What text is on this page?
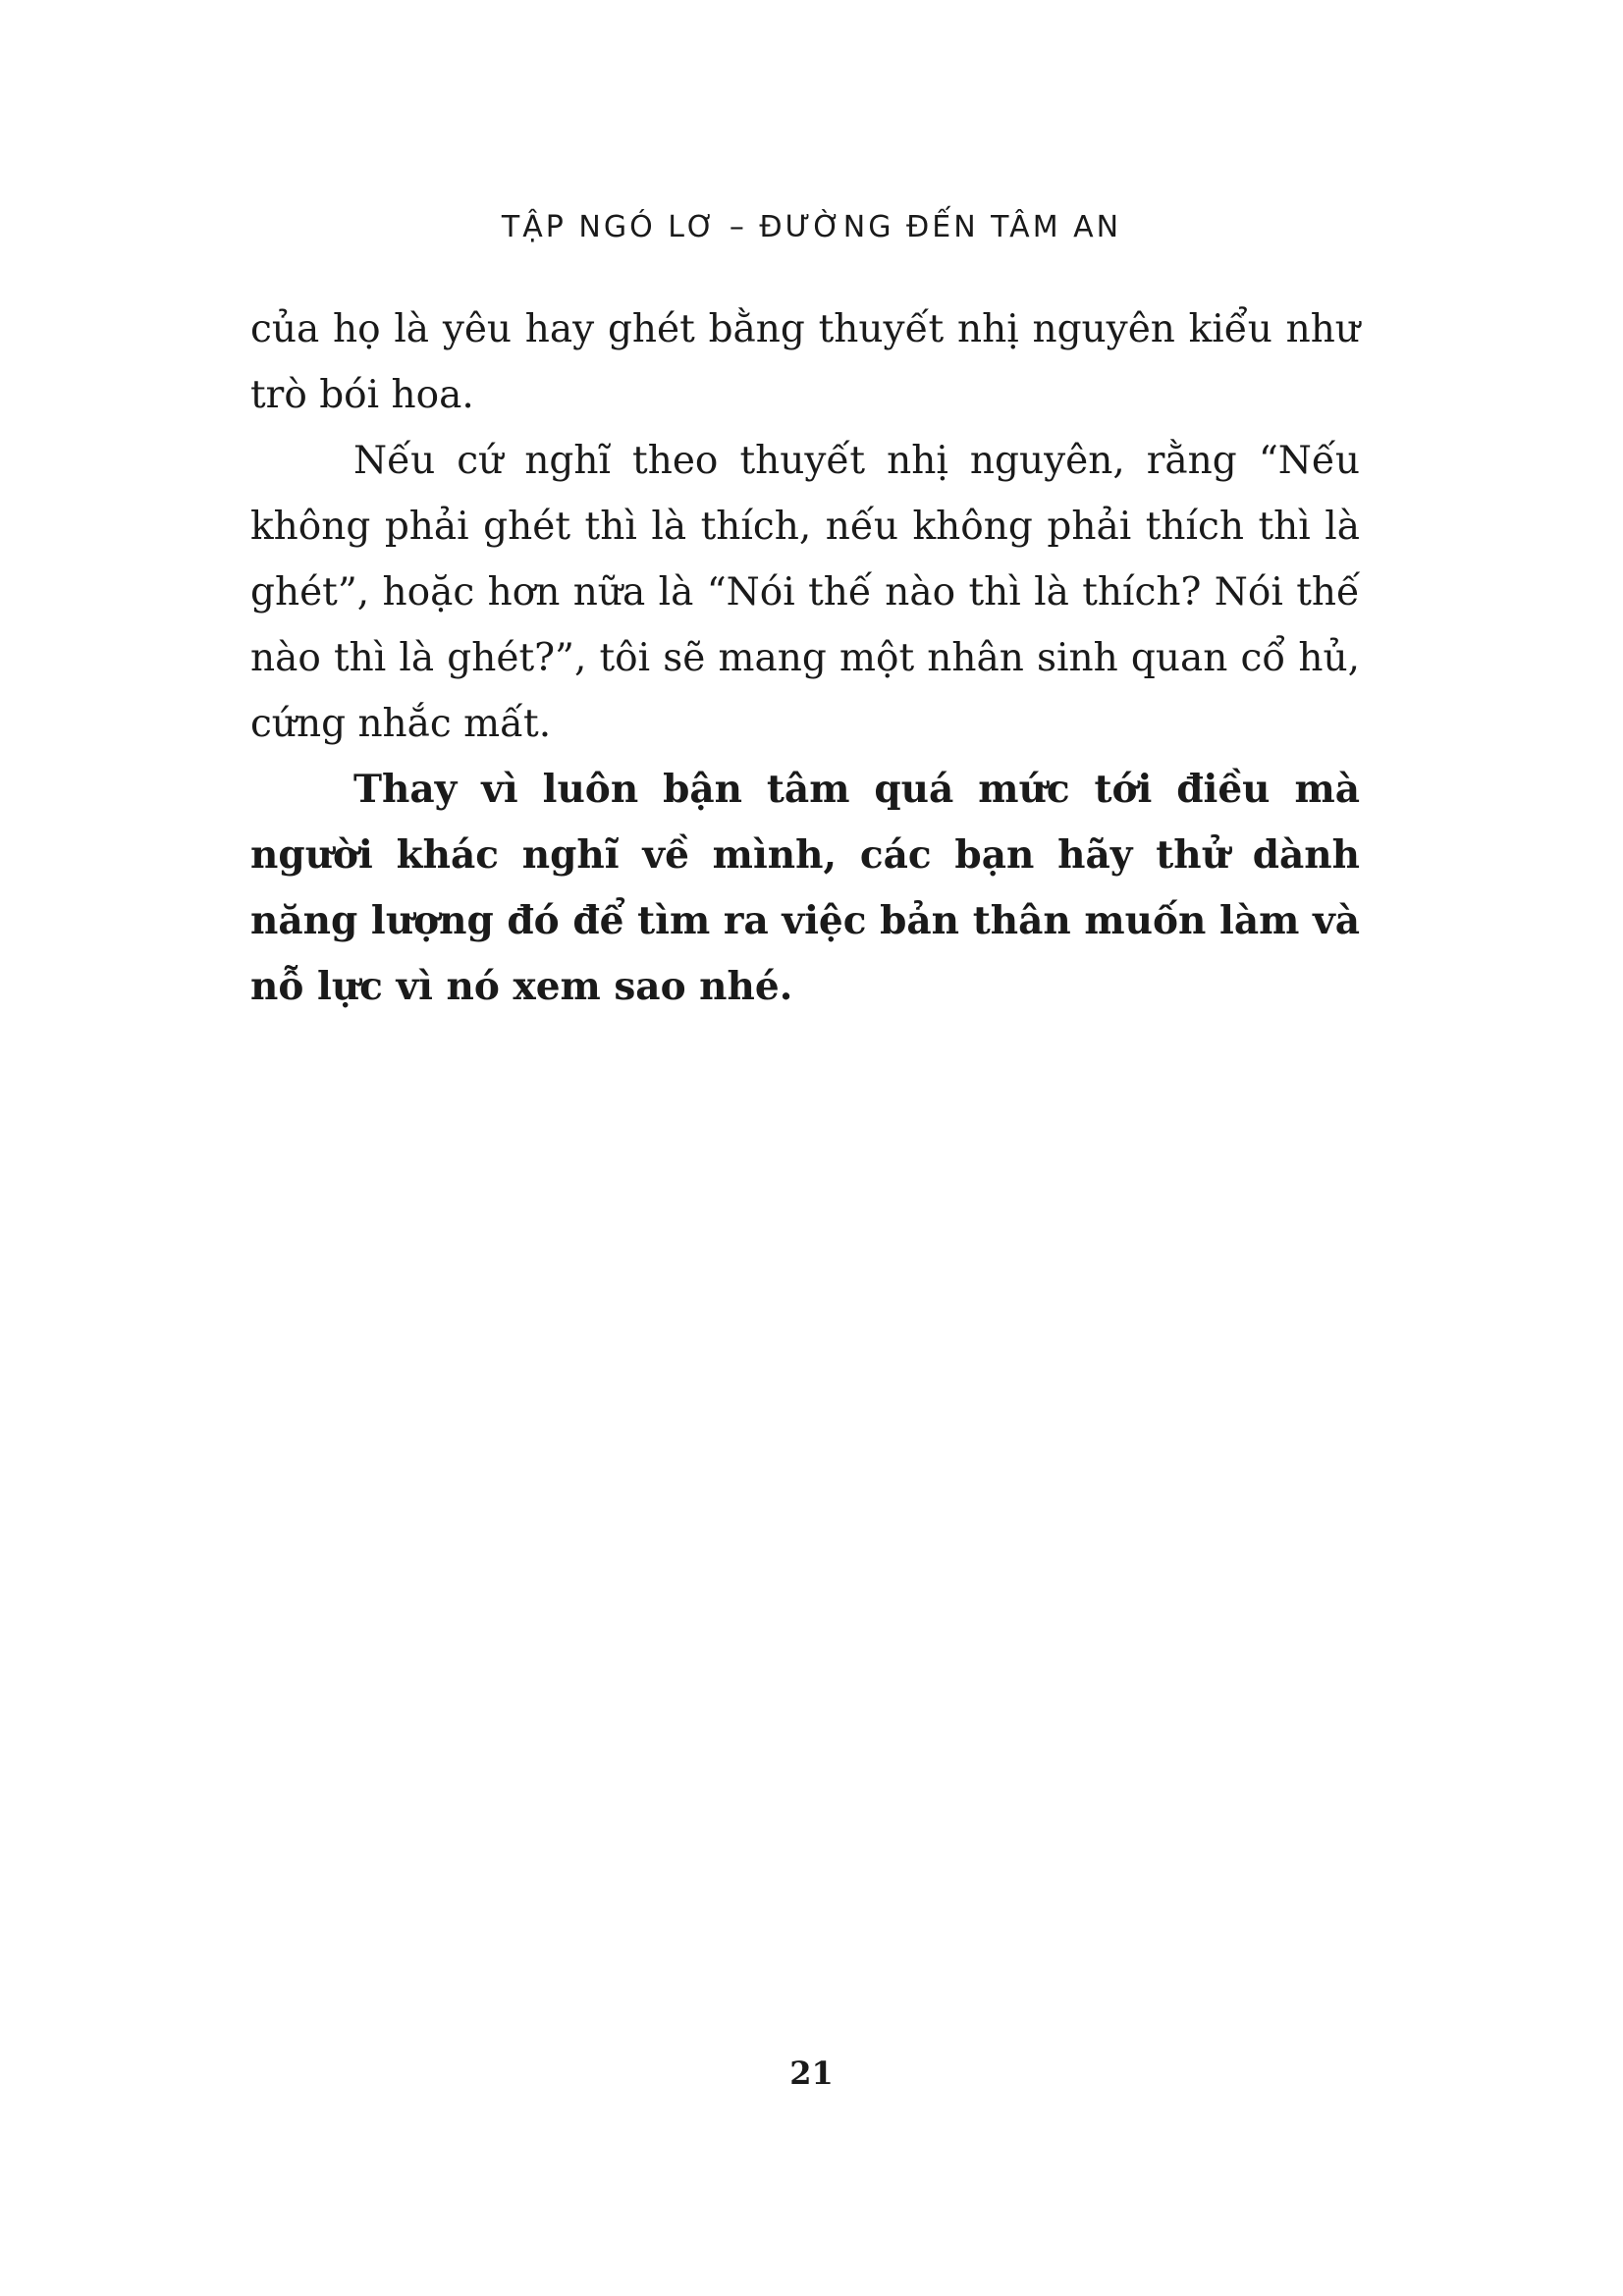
TẬP NGÓ LƠ – ĐƯỜNG ĐẾN TÂM AN

của họ là yêu hay ghét bằng thuyết nhị nguyên kiểu như trò bói hoa.

Nếu cứ nghĩ theo thuyết nhị nguyên, rằng “Nếu không phải ghét thì là thích, nếu không phải thích thì là ghét”, hoặc hơn nữa là “Nói thế nào thì là thích? Nói thế nào thì là ghét?”, tôi sẽ mang một nhân sinh quan cổ hủ, cứng nhắc mất.

Thay vì luôn bận tâm quá mức tới điều mà người khác nghĩ về mình, các bạn hãy thử dành năng lượng đó để tìm ra việc bản thân muốn làm và nỗ lực vì nó xem sao nhé.

21
